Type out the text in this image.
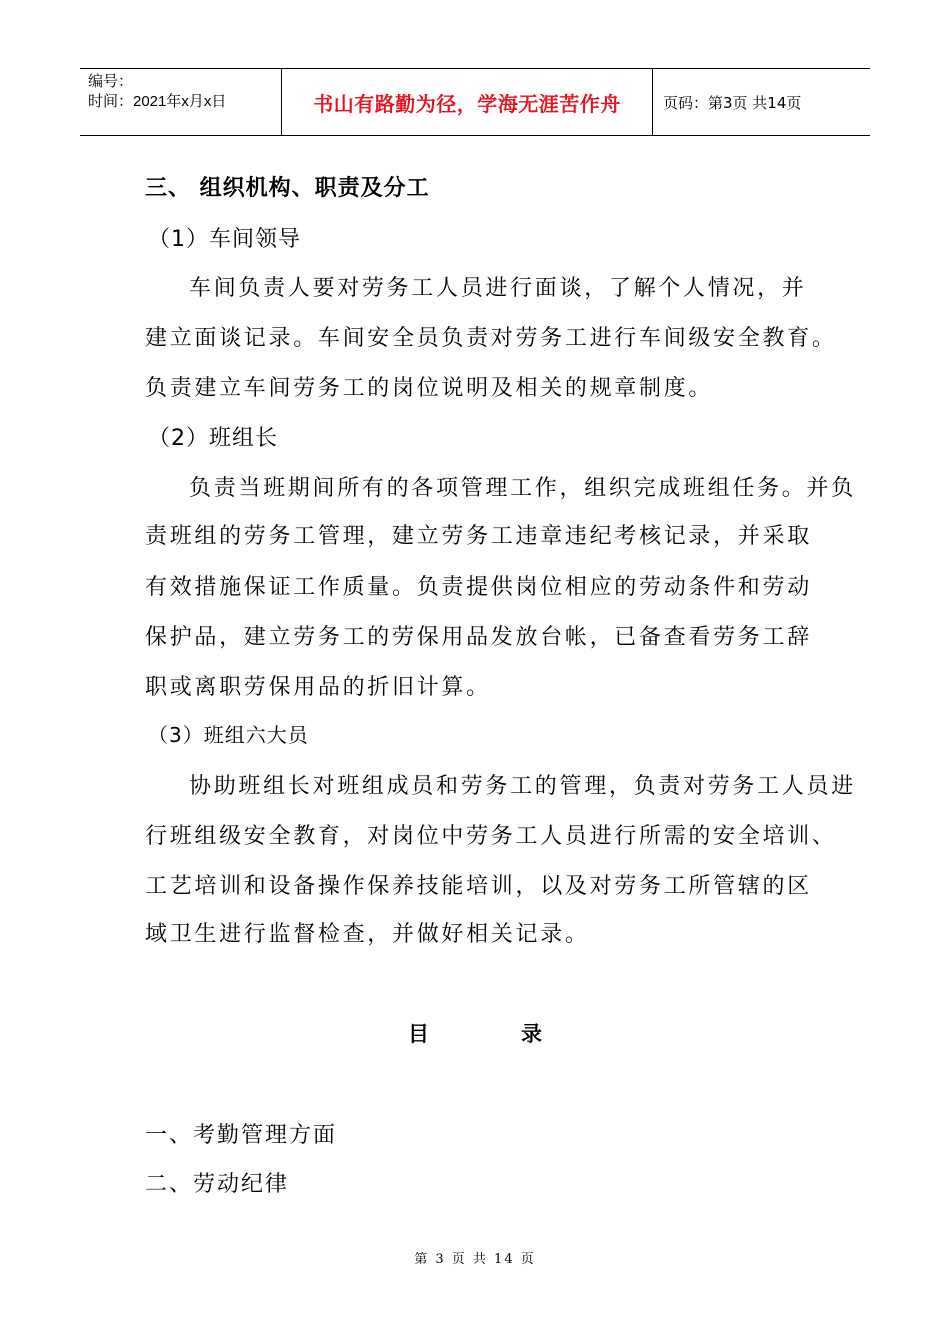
编号：
时间：2021年x月x日	书山有路勤为径，学海无涯苦作舟	页码：第3页 共14页
三、 组织机构、职责及分工
（1）车间领导
车间负责人要对劳务工人员进行面谈，了解个人情况，并
建立面谈记录。车间安全员负责对劳务工进行车间级安全教育。
负责建立车间劳务工的岗位说明及相关的规章制度。
（2）班组长
负责当班期间所有的各项管理工作，组织完成班组任务。并负
责班组的劳务工管理，建立劳务工违章违纪考核记录，并采取
有效措施保证工作质量。负责提供岗位相应的劳动条件和劳动
保护品，建立劳务工的劳保用品发放台帐，已备查看劳务工辞
职或离职劳保用品的折旧计算。
（3）班组六大员
协助班组长对班组成员和劳务工的管理，负责对劳务工人员进
行班组级安全教育，对岗位中劳务工人员进行所需的安全培训、
工艺培训和设备操作保养技能培训，以及对劳务工所管辖的区
域卫生进行监督检查，并做好相关记录。
一、考勤管理方面
二、劳动纪律
目	录
第 3 页 共 14 页
